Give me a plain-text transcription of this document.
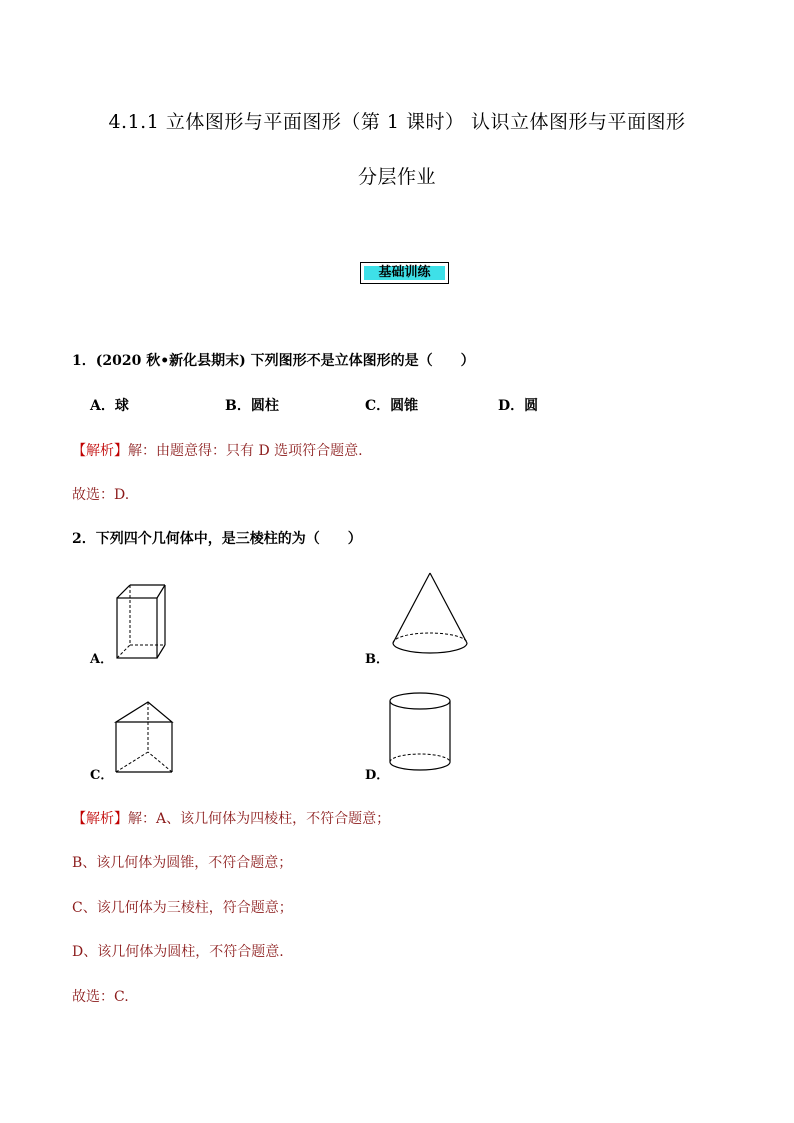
4.1.1 立体图形与平面图形（第 1 课时） 认识立体图形与平面图形
分层作业
基础训练
1．(2020 秋•新化县期末) 下列图形不是立体图形的是（　　）
A．球	B．圆柱	C．圆锥	D．圆
【解析】解：由题意得：只有 D 选项符合题意.
故选：D.
2．下列四个几何体中，是三棱柱的为（　　）
A．	B．
C．	D．
【解析】解：A、该几何体为四棱柱，不符合题意；
B、该几何体为圆锥，不符合题意；
C、该几何体为三棱柱，符合题意；
D、该几何体为圆柱，不符合题意.
故选：C.
